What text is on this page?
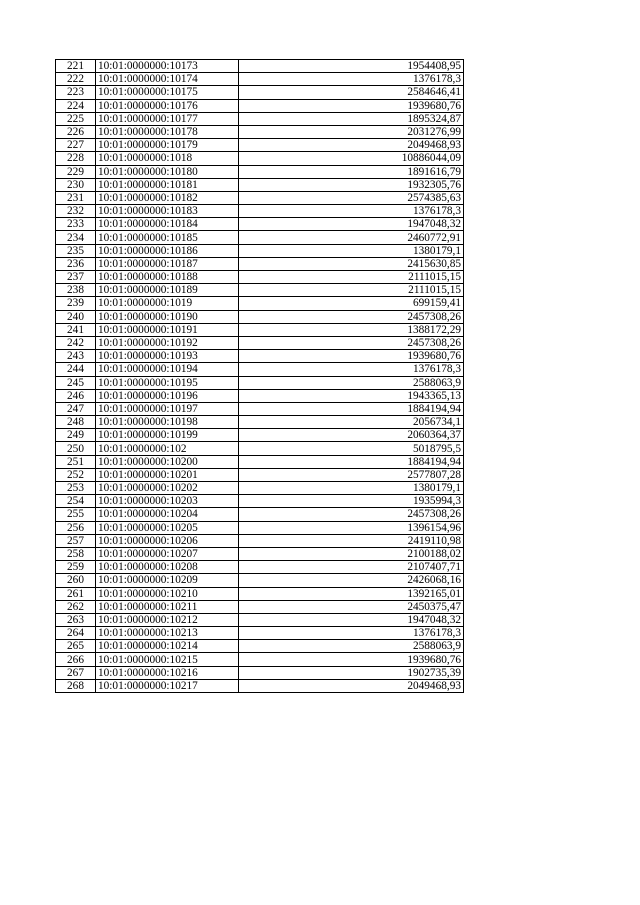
221	10:01:0000000:10173	1954408,95
222	10:01:0000000:10174	1376178,3
223	10:01:0000000:10175	2584646,41
224	10:01:0000000:10176	1939680,76
225	10:01:0000000:10177	1895324,87
226	10:01:0000000:10178	2031276,99
227	10:01:0000000:10179	2049468,93
228	10:01:0000000:1018	10886044,09
229	10:01:0000000:10180	1891616,79
230	10:01:0000000:10181	1932305,76
231	10:01:0000000:10182	2574385,63
232	10:01:0000000:10183	1376178,3
233	10:01:0000000:10184	1947048,32
234	10:01:0000000:10185	2460772,91
235	10:01:0000000:10186	1380179,1
236	10:01:0000000:10187	2415630,85
237	10:01:0000000:10188	2111015,15
238	10:01:0000000:10189	2111015,15
239	10:01:0000000:1019	699159,41
240	10:01:0000000:10190	2457308,26
241	10:01:0000000:10191	1388172,29
242	10:01:0000000:10192	2457308,26
243	10:01:0000000:10193	1939680,76
244	10:01:0000000:10194	1376178,3
245	10:01:0000000:10195	2588063,9
246	10:01:0000000:10196	1943365,13
247	10:01:0000000:10197	1884194,94
248	10:01:0000000:10198	2056734,1
249	10:01:0000000:10199	2060364,37
250	10:01:0000000:102	5018795,5
251	10:01:0000000:10200	1884194,94
252	10:01:0000000:10201	2577807,28
253	10:01:0000000:10202	1380179,1
254	10:01:0000000:10203	1935994,3
255	10:01:0000000:10204	2457308,26
256	10:01:0000000:10205	1396154,96
257	10:01:0000000:10206	2419110,98
258	10:01:0000000:10207	2100188,02
259	10:01:0000000:10208	2107407,71
260	10:01:0000000:10209	2426068,16
261	10:01:0000000:10210	1392165,01
262	10:01:0000000:10211	2450375,47
263	10:01:0000000:10212	1947048,32
264	10:01:0000000:10213	1376178,3
265	10:01:0000000:10214	2588063,9
266	10:01:0000000:10215	1939680,76
267	10:01:0000000:10216	1902735,39
268	10:01:0000000:10217	2049468,93
